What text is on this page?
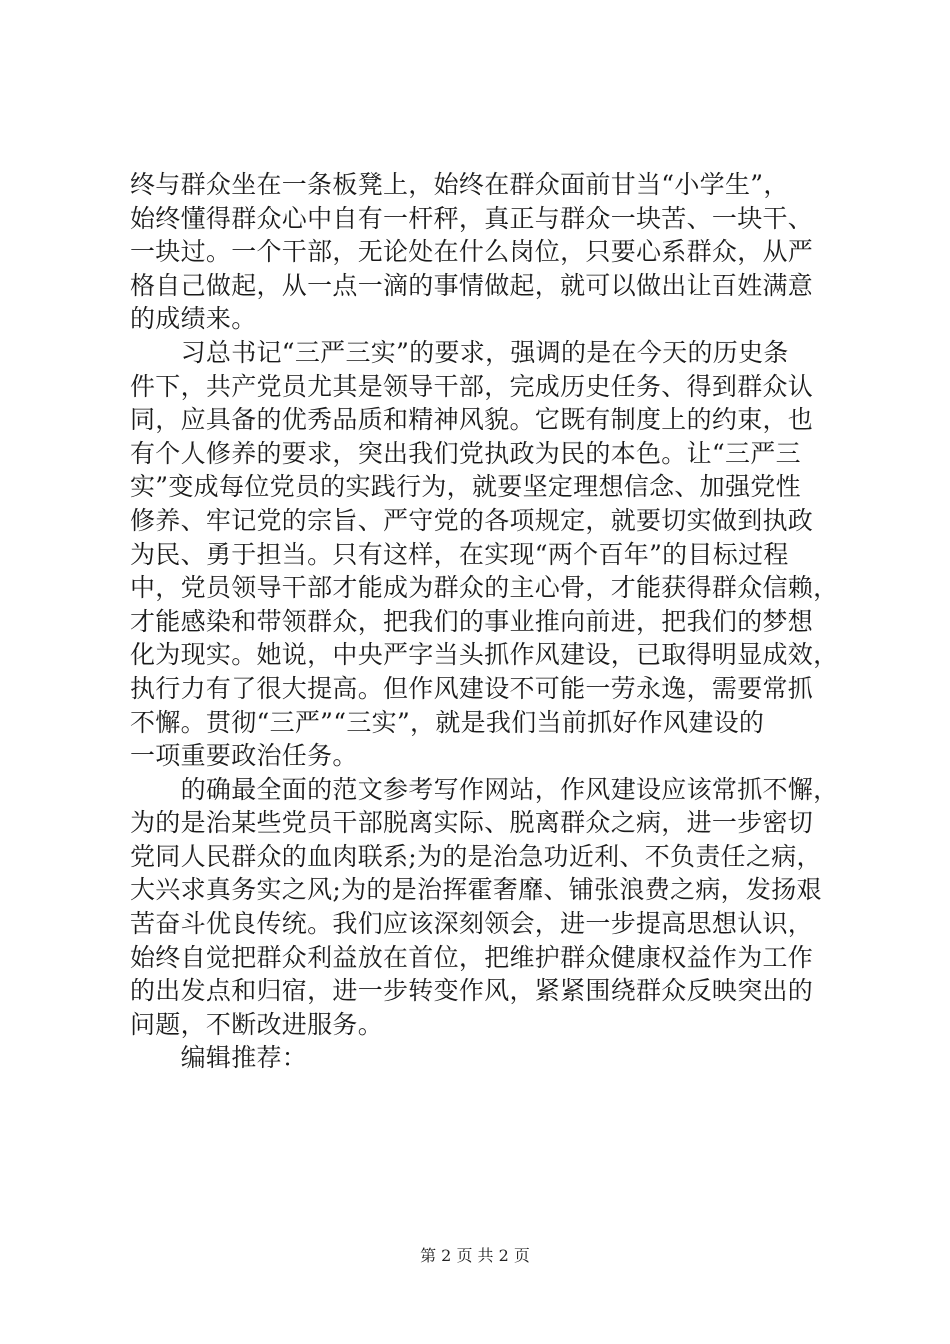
终与群众坐在一条板凳上，始终在群众面前甘当“小学生”，
始终懂得群众心中自有一杆秤，真正与群众一块苦、一块干、
一块过。一个干部，无论处在什么岗位，只要心系群众，从严
格自己做起，从一点一滴的事情做起，就可以做出让百姓满意
的成绩来。
　　习总书记“三严三实”的要求，强调的是在今天的历史条
件下，共产党员尤其是领导干部，完成历史任务、得到群众认
同，应具备的优秀品质和精神风貌。它既有制度上的约束，也
有个人修养的要求，突出我们党执政为民的本色。让“三严三
实”变成每位党员的实践行为，就要坚定理想信念、加强党性
修养、牢记党的宗旨、严守党的各项规定，就要切实做到执政
为民、勇于担当。只有这样，在实现“两个百年”的目标过程
中，党员领导干部才能成为群众的主心骨，才能获得群众信赖，
才能感染和带领群众，把我们的事业推向前进，把我们的梦想
化为现实。她说，中央严字当头抓作风建设，已取得明显成效，
执行力有了很大提高。但作风建设不可能一劳永逸，需要常抓
不懈。贯彻“三严”“三实”，就是我们当前抓好作风建设的
一项重要政治任务。
　　的确最全面的范文参考写作网站，作风建设应该常抓不懈，
为的是治某些党员干部脱离实际、脱离群众之病，进一步密切
党同人民群众的血肉联系;为的是治急功近利、不负责任之病，
大兴求真务实之风;为的是治挥霍奢靡、铺张浪费之病，发扬艰
苦奋斗优良传统。我们应该深刻领会，进一步提高思想认识，
始终自觉把群众利益放在首位，把维护群众健康权益作为工作
的出发点和归宿，进一步转变作风，紧紧围绕群众反映突出的
问题，不断改进服务。
　　编辑推荐：
第 2 页 共 2 页
